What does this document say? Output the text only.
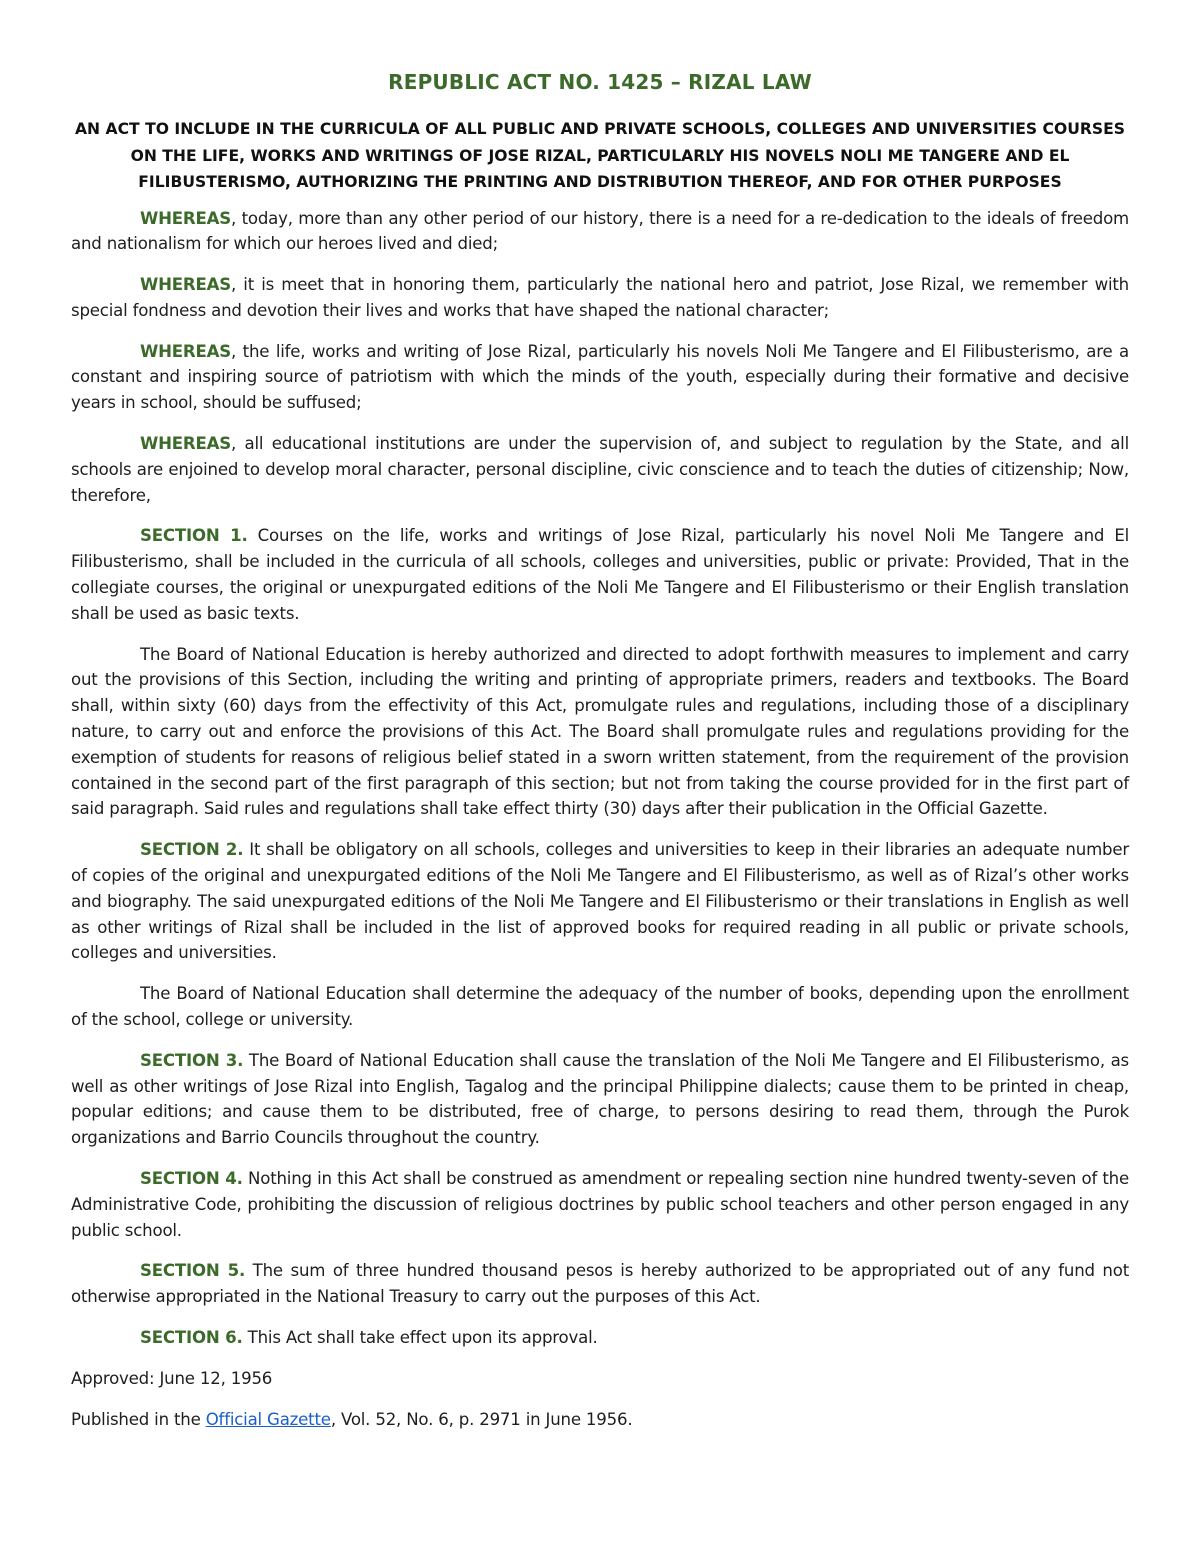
REPUBLIC ACT NO. 1425 – RIZAL LAW
AN ACT TO INCLUDE IN THE CURRICULA OF ALL PUBLIC AND PRIVATE SCHOOLS, COLLEGES AND UNIVERSITIES COURSES ON THE LIFE, WORKS AND WRITINGS OF JOSE RIZAL, PARTICULARLY HIS NOVELS NOLI ME TANGERE AND EL FILIBUSTERISMO, AUTHORIZING THE PRINTING AND DISTRIBUTION THEREOF, AND FOR OTHER PURPOSES

WHEREAS, today, more than any other period of our history, there is a need for a re-dedication to the ideals of freedom and nationalism for which our heroes lived and died;

WHEREAS, it is meet that in honoring them, particularly the national hero and patriot, Jose Rizal, we remember with special fondness and devotion their lives and works that have shaped the national character;

WHEREAS, the life, works and writing of Jose Rizal, particularly his novels Noli Me Tangere and El Filibusterismo, are a constant and inspiring source of patriotism with which the minds of the youth, especially during their formative and decisive years in school, should be suffused;

WHEREAS, all educational institutions are under the supervision of, and subject to regulation by the State, and all schools are enjoined to develop moral character, personal discipline, civic conscience and to teach the duties of citizenship; Now, therefore,

SECTION 1. Courses on the life, works and writings of Jose Rizal, particularly his novel Noli Me Tangere and El Filibusterismo, shall be included in the curricula of all schools, colleges and universities, public or private: Provided, That in the collegiate courses, the original or unexpurgated editions of the Noli Me Tangere and El Filibusterismo or their English translation shall be used as basic texts.

The Board of National Education is hereby authorized and directed to adopt forthwith measures to implement and carry out the provisions of this Section, including the writing and printing of appropriate primers, readers and textbooks. The Board shall, within sixty (60) days from the effectivity of this Act, promulgate rules and regulations, including those of a disciplinary nature, to carry out and enforce the provisions of this Act. The Board shall promulgate rules and regulations providing for the exemption of students for reasons of religious belief stated in a sworn written statement, from the requirement of the provision contained in the second part of the first paragraph of this section; but not from taking the course provided for in the first part of said paragraph. Said rules and regulations shall take effect thirty (30) days after their publication in the Official Gazette.

SECTION 2. It shall be obligatory on all schools, colleges and universities to keep in their libraries an adequate number of copies of the original and unexpurgated editions of the Noli Me Tangere and El Filibusterismo, as well as of Rizal’s other works and biography. The said unexpurgated editions of the Noli Me Tangere and El Filibusterismo or their translations in English as well as other writings of Rizal shall be included in the list of approved books for required reading in all public or private schools, colleges and universities.

The Board of National Education shall determine the adequacy of the number of books, depending upon the enrollment of the school, college or university.

SECTION 3. The Board of National Education shall cause the translation of the Noli Me Tangere and El Filibusterismo, as well as other writings of Jose Rizal into English, Tagalog and the principal Philippine dialects; cause them to be printed in cheap, popular editions; and cause them to be distributed, free of charge, to persons desiring to read them, through the Purok organizations and Barrio Councils throughout the country.

SECTION 4. Nothing in this Act shall be construed as amendment or repealing section nine hundred twenty-seven of the Administrative Code, prohibiting the discussion of religious doctrines by public school teachers and other person engaged in any public school.

SECTION 5. The sum of three hundred thousand pesos is hereby authorized to be appropriated out of any fund not otherwise appropriated in the National Treasury to carry out the purposes of this Act.

SECTION 6. This Act shall take effect upon its approval.

Approved: June 12, 1956

Published in the Official Gazette, Vol. 52, No. 6, p. 2971 in June 1956.
